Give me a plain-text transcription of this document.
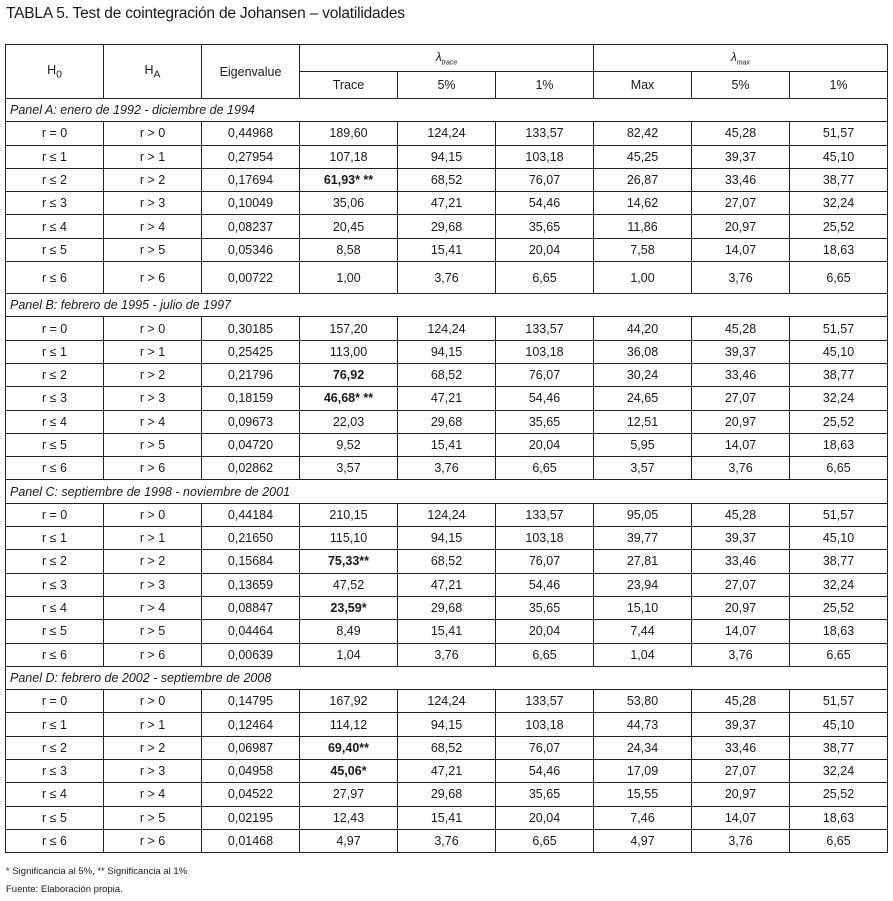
TABLA 5. Test de cointegración de Johansen – volatilidades
$H_0$	$H_A$	Eigenvalue	$\lambda_{trace}$			$\lambda_{max}$
			Trace	5%	1%	Max	5%	1%
Panel A: enero de 1992 - diciembre de 1994								
r = 0	r > 0	0,44968	189,60	124,24	133,57	82,42	45,28	51,57
r ≤ 1	r > 1	0,27954	107,18	94,15	103,18	45,25	39,37	45,10
r ≤ 2	r > 2	0,17694	61,93* **	68,52	76,07	26,87	33,46	38,77
r ≤ 3	r > 3	0,10049	35,06	47,21	54,46	14,62	27,07	32,24
r ≤ 4	r > 4	0,08237	20,45	29,68	35,65	11,86	20,97	25,52
r ≤ 5	r > 5	0,05346	8,58	15,41	20,04	7,58	14,07	18,63
r ≤ 6	r > 6	0,00722	1,00	3,76	6,65	1,00	3,76	6,65
Panel B: febrero de 1995 - julio de 1997								
r = 0	r > 0	0,30185	157,20	124,24	133,57	44,20	45,28	51,57
r ≤ 1	r > 1	0,25425	113,00	94,15	103,18	36,08	39,37	45,10
r ≤ 2	r > 2	0,21796	76,92	68,52	76,07	30,24	33,46	38,77
r ≤ 3	r > 3	0,18159	46,68* **	47,21	54,46	24,65	27,07	32,24
r ≤ 4	r > 4	0,09673	22,03	29,68	35,65	12,51	20,97	25,52
r ≤ 5	r > 5	0,04720	9,52	15,41	20,04	5,95	14,07	18,63
r ≤ 6	r > 6	0,02862	3,57	3,76	6,65	3,57	3,76	6,65
Panel C: septiembre de 1998 - noviembre de 2001								
r = 0	r > 0	0,44184	210,15	124,24	133,57	95,05	45,28	51,57
r ≤ 1	r > 1	0,21650	115,10	94,15	103,18	39,77	39,37	45,10
r ≤ 2	r > 2	0,15684	75,33**	68,52	76,07	27,81	33,46	38,77
r ≤ 3	r > 3	0,13659	47,52	47,21	54,46	23,94	27,07	32,24
r ≤ 4	r > 4	0,08847	23,59*	29,68	35,65	15,10	20,97	25,52
r ≤ 5	r > 5	0,04464	8,49	15,41	20,04	7,44	14,07	18,63
r ≤ 6	r > 6	0,00639	1,04	3,76	6,65	1,04	3,76	6,65
Panel D: febrero de 2002 - septiembre de 2008								
r = 0	r > 0	0,14795	167,92	124,24	133,57	53,80	45,28	51,57
r ≤ 1	r > 1	0,12464	114,12	94,15	103,18	44,73	39,37	45,10
r ≤ 2	r > 2	0,06987	69,40**	68,52	76,07	24,34	33,46	38,77
r ≤ 3	r > 3	0,04958	45,06*	47,21	54,46	17,09	27,07	32,24
r ≤ 4	r > 4	0,04522	27,97	29,68	35,65	15,55	20,97	25,52
r ≤ 5	r > 5	0,02195	12,43	15,41	20,04	7,46	14,07	18,63
r ≤ 6	r > 6	0,01468	4,97	3,76	6,65	4,97	3,76	6,65
* Significancia al 5%, ** Significancia al 1%
Fuente: Elaboración propia.
